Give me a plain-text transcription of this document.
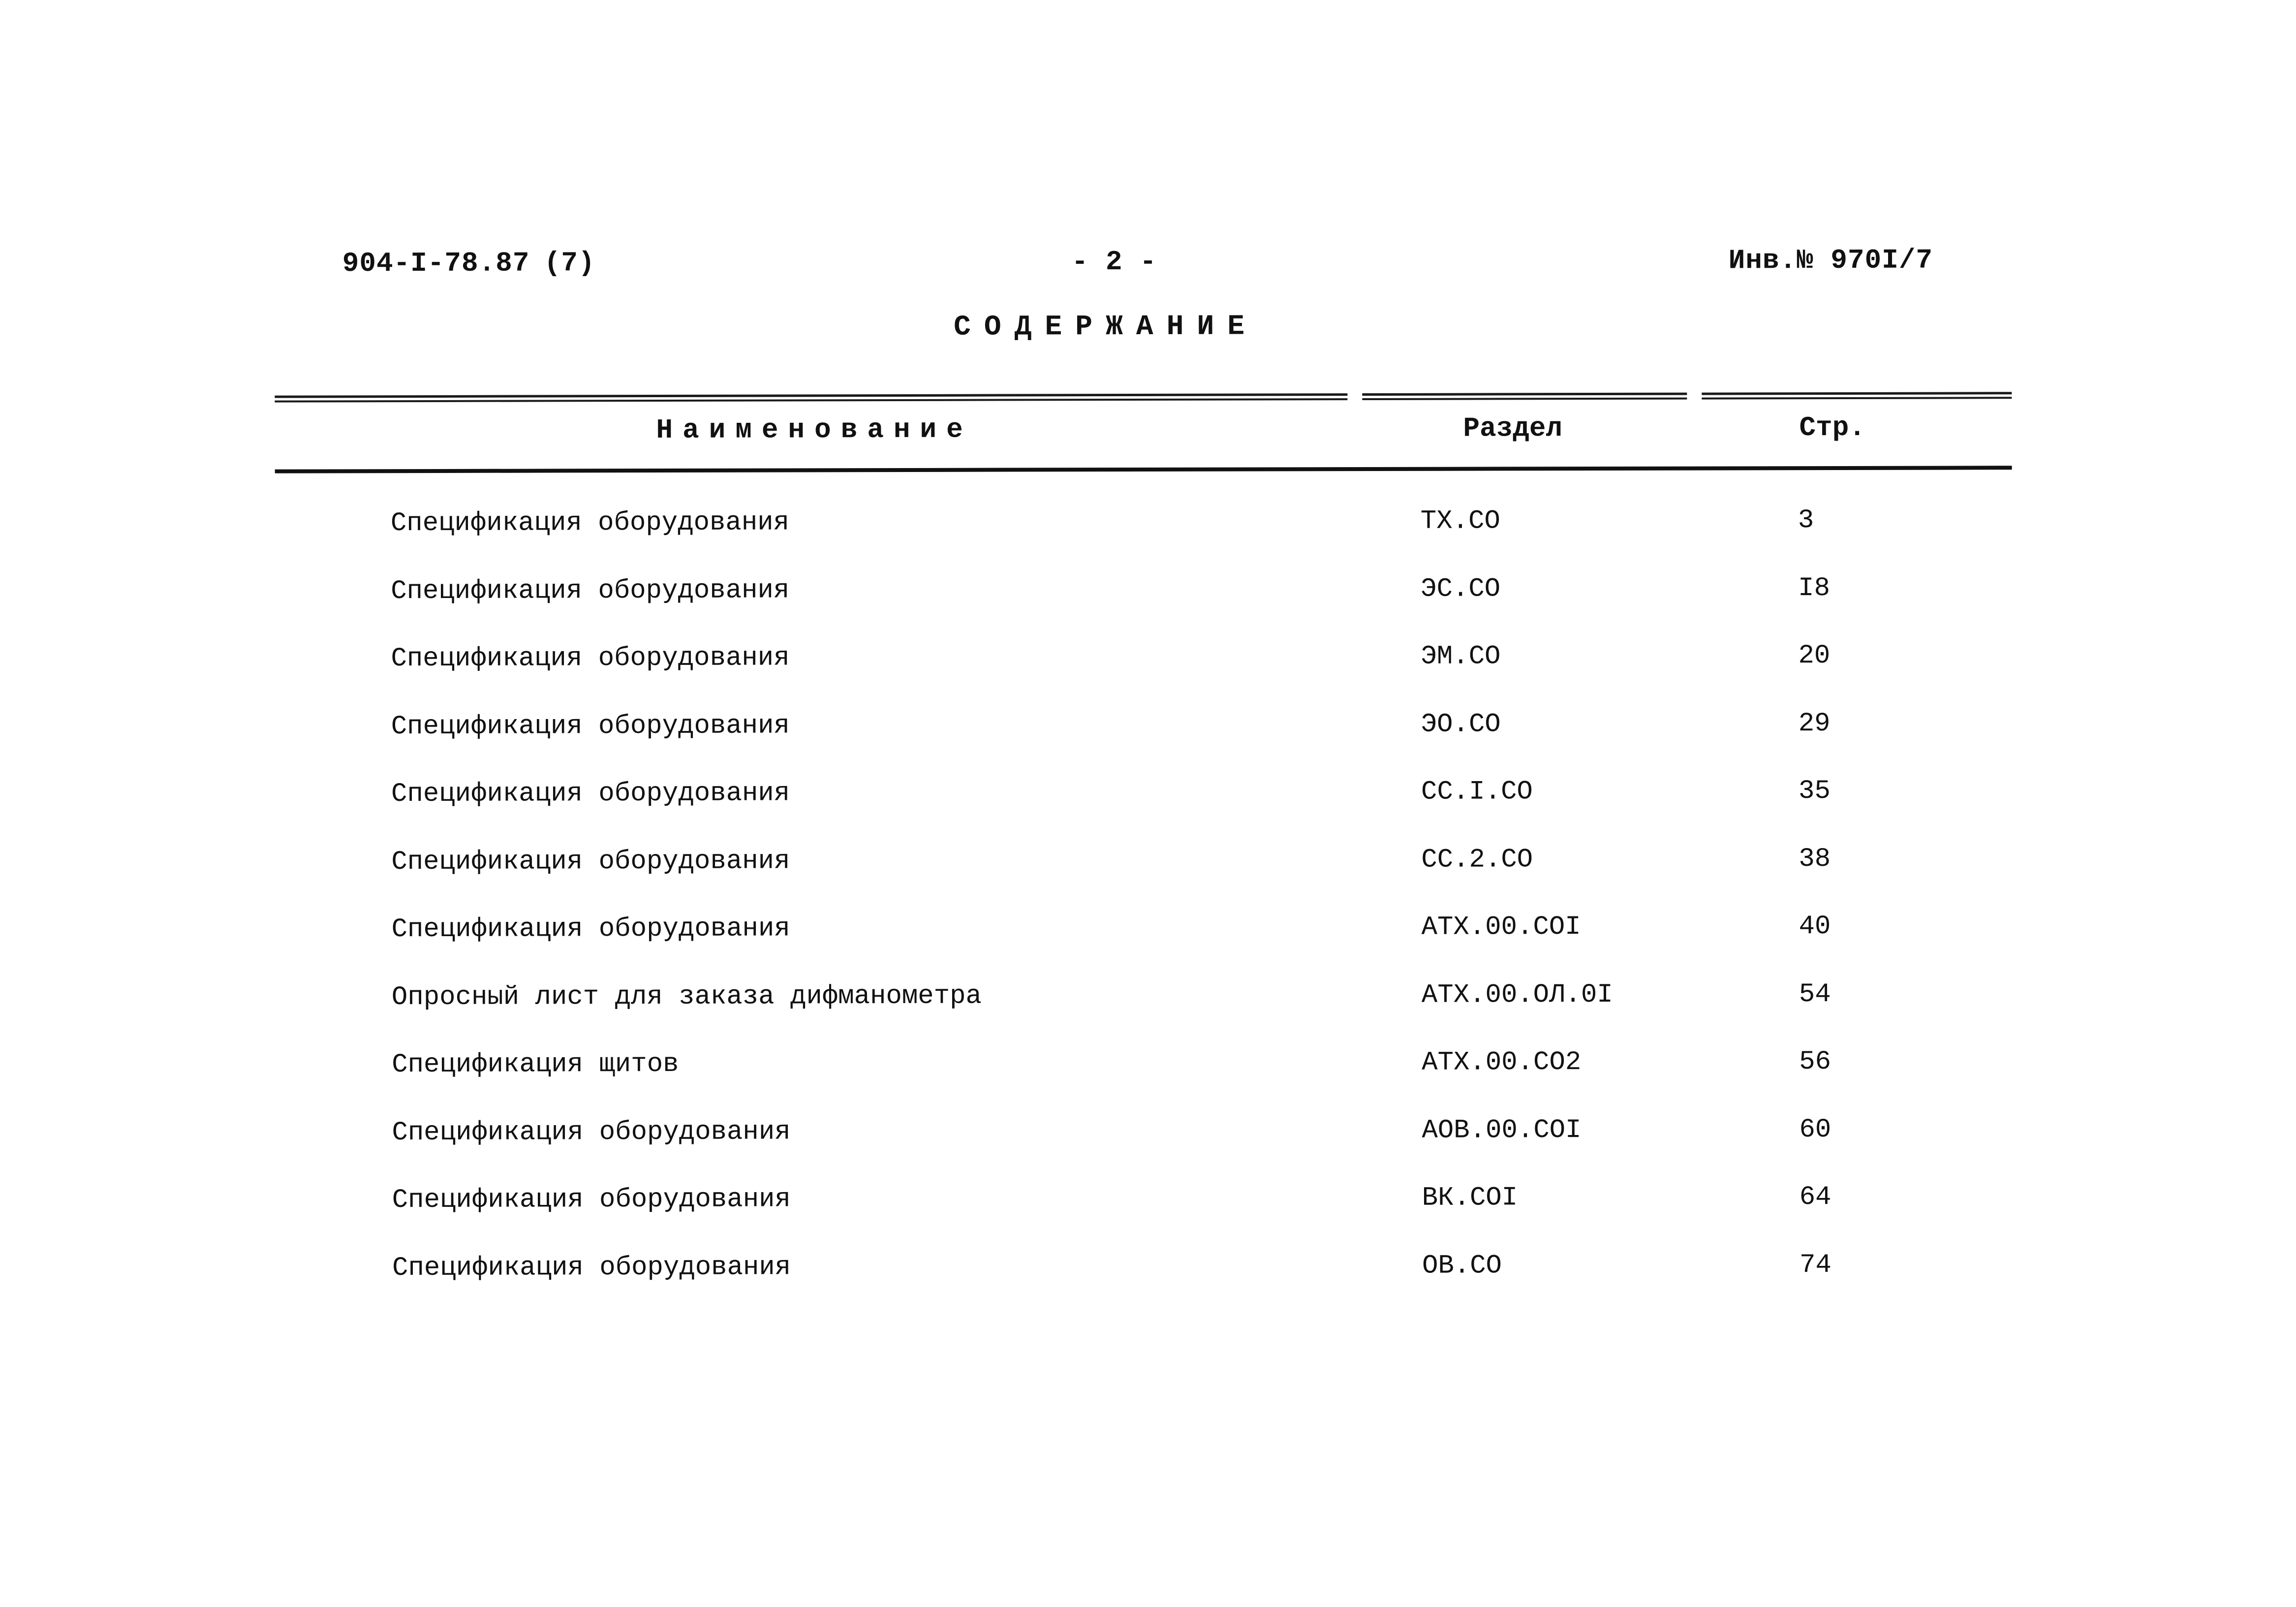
904-I-78.87 (7)	- 2 -	Инв.№ 970I/7
СОДЕРЖАНИЕ
Наименование	Раздел	Стр.
Спецификация оборудования	ТХ.СО	3
Спецификация оборудования	ЭС.СО	I8
Спецификация оборудования	ЭМ.СО	20
Спецификация оборудования	ЭО.СО	29
Спецификация оборудования	СС.I.СО	35
Спецификация оборудования	СС.2.СО	38
Спецификация оборудования	АТХ.00.СОI	40
Опросный лист для заказа дифманометра	АТХ.00.ОЛ.0I	54
Спецификация щитов	АТХ.00.СО2	56
Спецификация оборудования	АОВ.00.СОI	60
Спецификация оборудования	ВК.СОI	64
Спецификация оборудования	ОВ.СО	74
